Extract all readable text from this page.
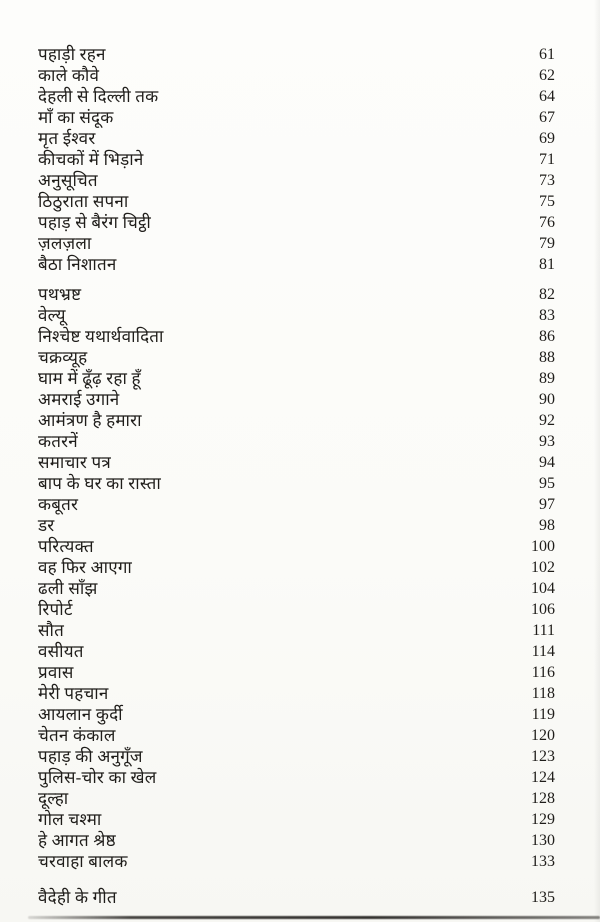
पहाड़ी रहन	61
काले कौवे	62
देहली से दिल्ली तक	64
माँ का संदूक	67
मृत ईश्वर	69
कीचकों में भिड़ाने	71
अनुसूचित	73
ठिठुराता सपना	75
पहाड़ से बैरंग चिट्ठी	76
ज़लज़ला	79
बैठा निशातन	81
पथभ्रष्ट	82
वेल्यू	83
निश्चेष्ट यथार्थवादिता	86
चक्रव्यूह	88
घाम में ढूँढ़ रहा हूँ	89
अमराई उगाने	90
आमंत्रण है हमारा	92
कतरनें	93
समाचार पत्र	94
बाप के घर का रास्ता	95
कबूतर	97
डर	98
परित्यक्त	100
वह फिर आएगा	102
ढली साँझ	104
रिपोर्ट	106
सौत	111
वसीयत	114
प्रवास	116
मेरी पहचान	118
आयलान कुर्दी	119
चेतन कंकाल	120
पहाड़ की अनुगूँज	123
पुलिस-चोर का खेल	124
दूल्हा	128
गोल चश्मा	129
हे आगत श्रेष्ठ	130
चरवाहा बालक	133
वैदेही के गीत	135
